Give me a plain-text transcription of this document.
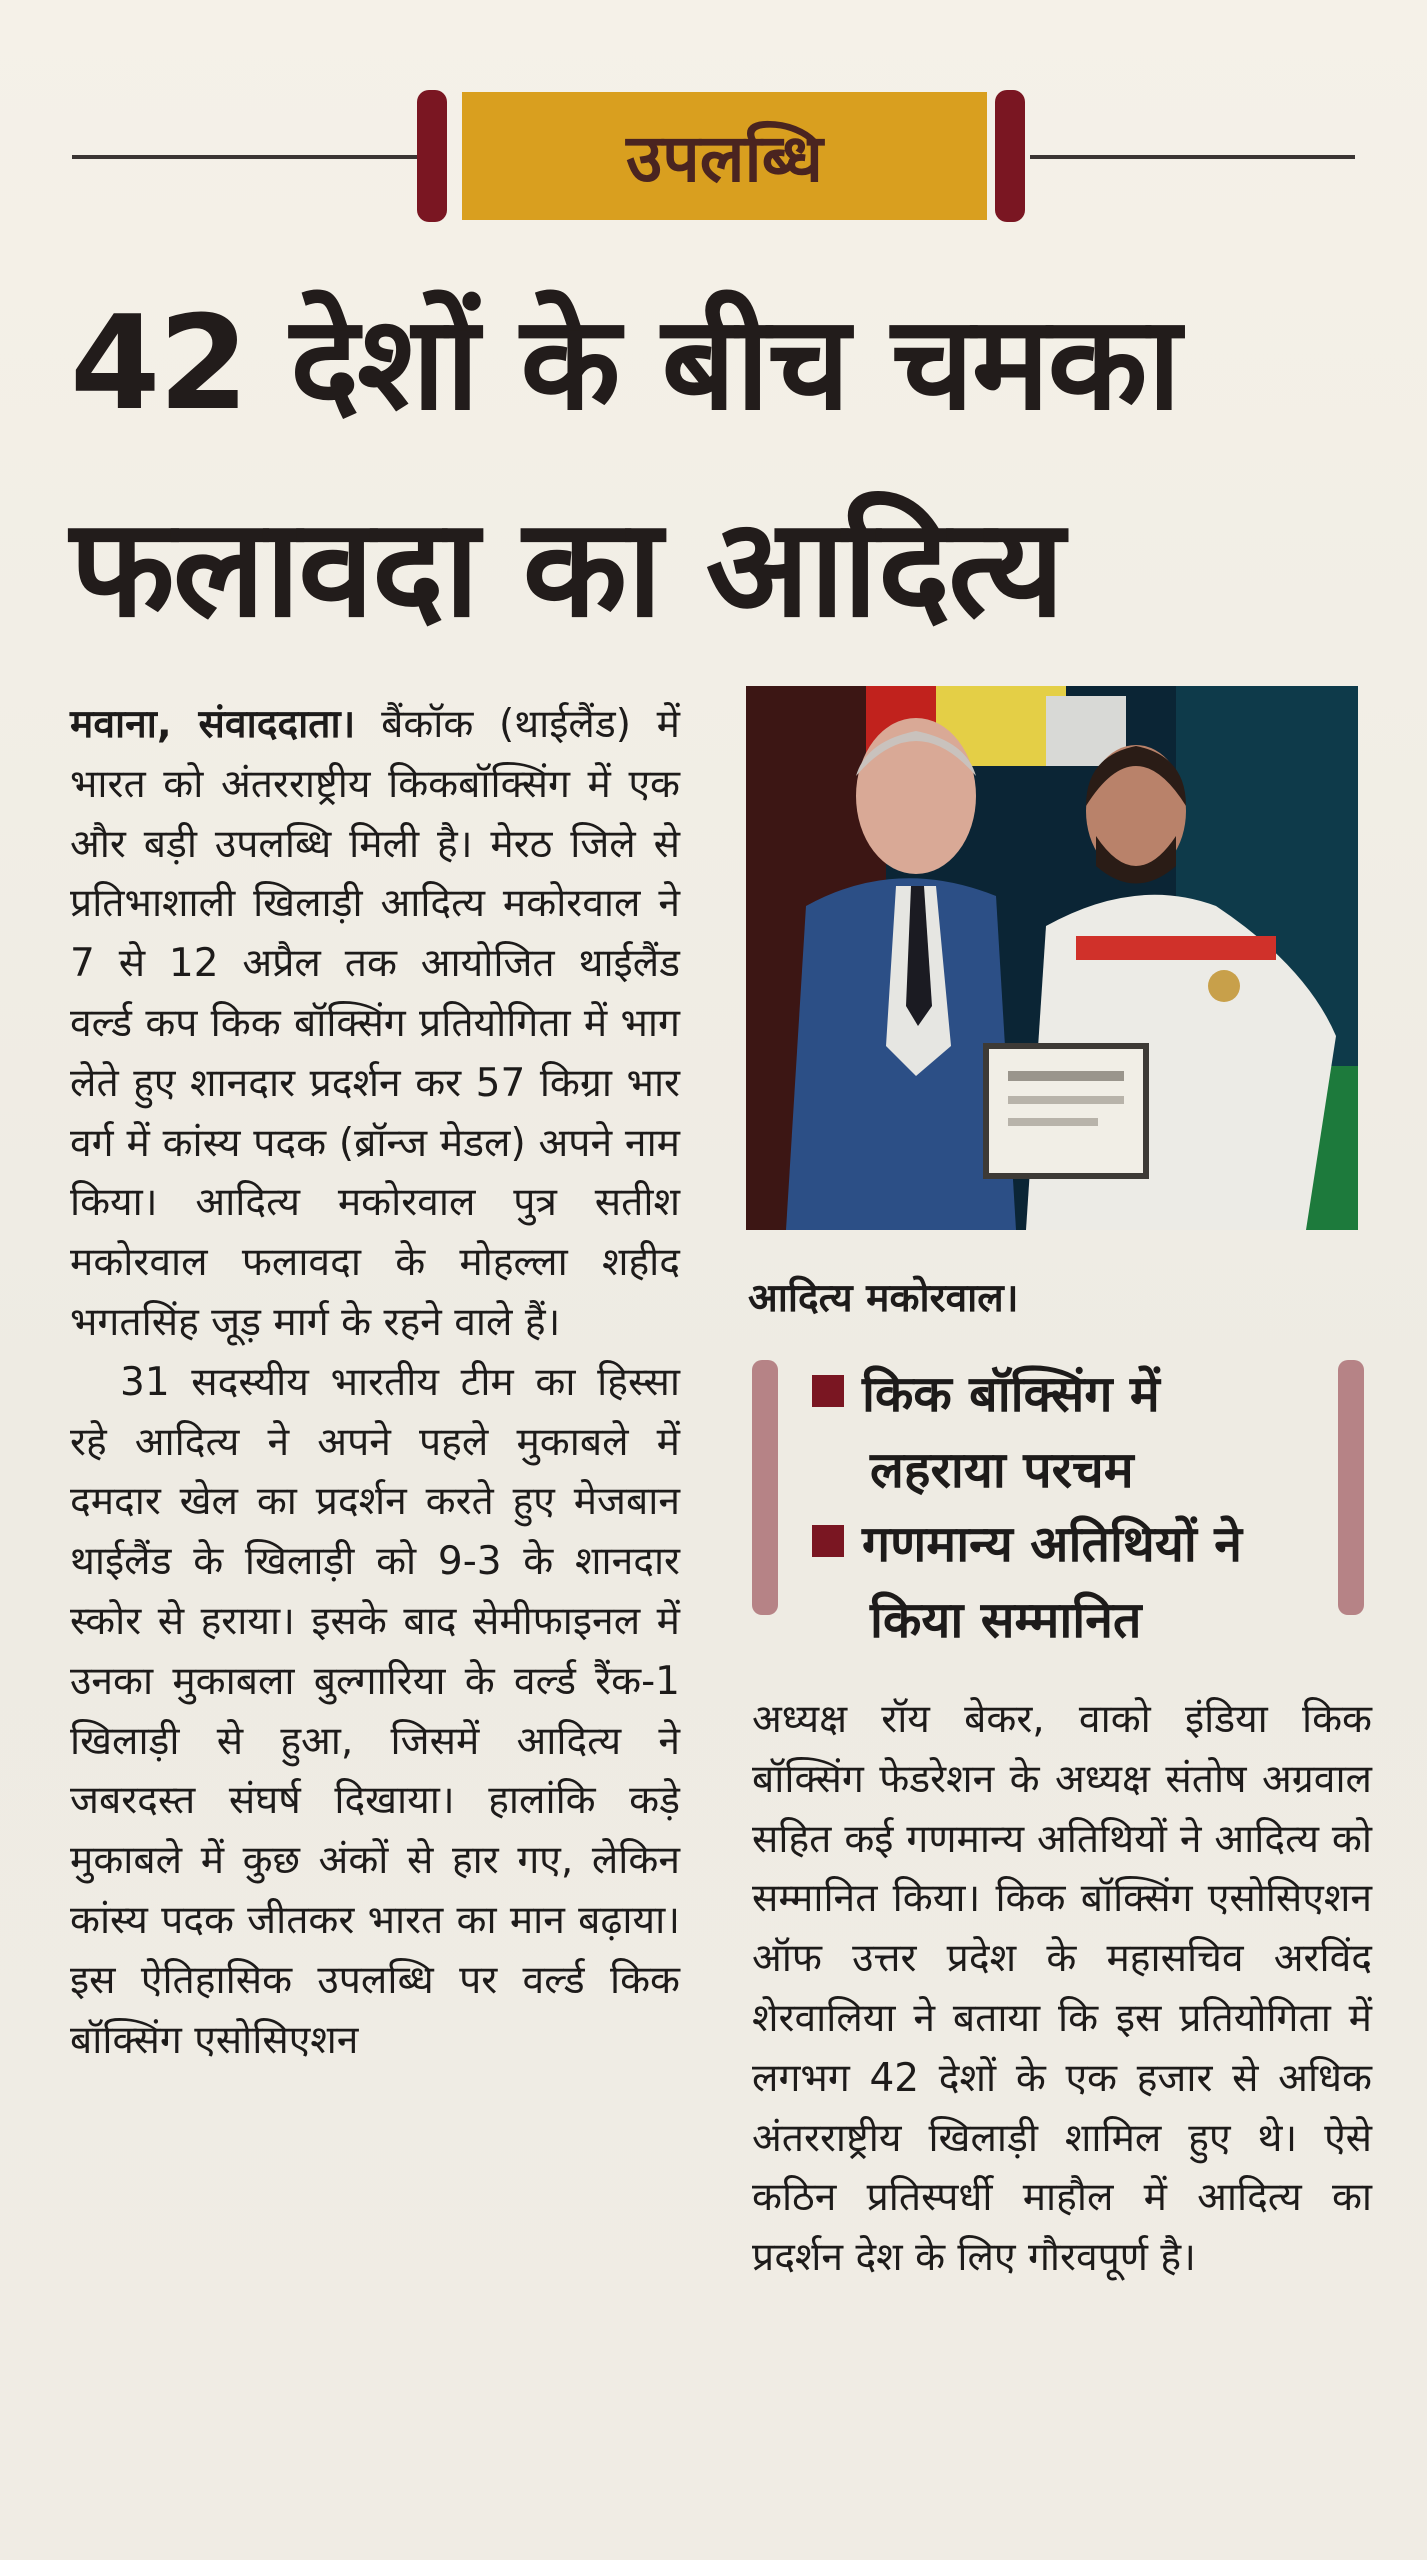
उपलब्धि
42 देशों के बीच चमका
फलावदा का आदित्य

मवाना, संवाददाता। बैंकॉक (थाईलैंड) में भारत को अंतरराष्ट्रीय किकबॉक्सिंग में एक और बड़ी उपलब्धि मिली है। मेरठ जिले से प्रतिभाशाली खिलाड़ी आदित्य मकोरवाल ने 7 से 12 अप्रैल तक आयोजित थाईलैंड वर्ल्ड कप किक बॉक्सिंग प्रतियोगिता में भाग लेते हुए शानदार प्रदर्शन कर 57 किग्रा भार वर्ग में कांस्य पदक (ब्रॉन्ज मेडल) अपने नाम किया। आदित्य मकोरवाल पुत्र सतीश मकोरवाल फलावदा के मोहल्ला शहीद भगतसिंह जूड़ मार्ग के रहने वाले हैं।

31 सदस्यीय भारतीय टीम का हिस्सा रहे आदित्य ने अपने पहले मुकाबले में दमदार खेल का प्रदर्शन करते हुए मेजबान थाईलैंड के खिलाड़ी को 9-3 के शानदार स्कोर से हराया। इसके बाद सेमीफाइनल में उनका मुकाबला बुल्गारिया के वर्ल्ड रैंक-1 खिलाड़ी से हुआ, जिसमें आदित्य ने जबरदस्त संघर्ष दिखाया। हालांकि कड़े मुकाबले में कुछ अंकों से हार गए, लेकिन कांस्य पदक जीतकर भारत का मान बढ़ाया। इस ऐतिहासिक उपलब्धि पर वर्ल्ड किक बॉक्सिंग एसोसिएशन

आदित्य मकोरवाल।
किक बॉक्सिंग में
लहराया परचम
गणमान्य अतिथियों ने
किया सम्मानित

अध्यक्ष रॉय बेकर, वाको इंडिया किक बॉक्सिंग फेडरेशन के अध्यक्ष संतोष अग्रवाल सहित कई गणमान्य अतिथियों ने आदित्य को सम्मानित किया। किक बॉक्सिंग एसोसिएशन ऑफ उत्तर प्रदेश के महासचिव अरविंद शेरवालिया ने बताया कि इस प्रतियोगिता में लगभग 42 देशों के एक हजार से अधिक अंतरराष्ट्रीय खिलाड़ी शामिल हुए थे। ऐसे कठिन प्रतिस्पर्धी माहौल में आदित्य का प्रदर्शन देश के लिए गौरवपूर्ण है।
